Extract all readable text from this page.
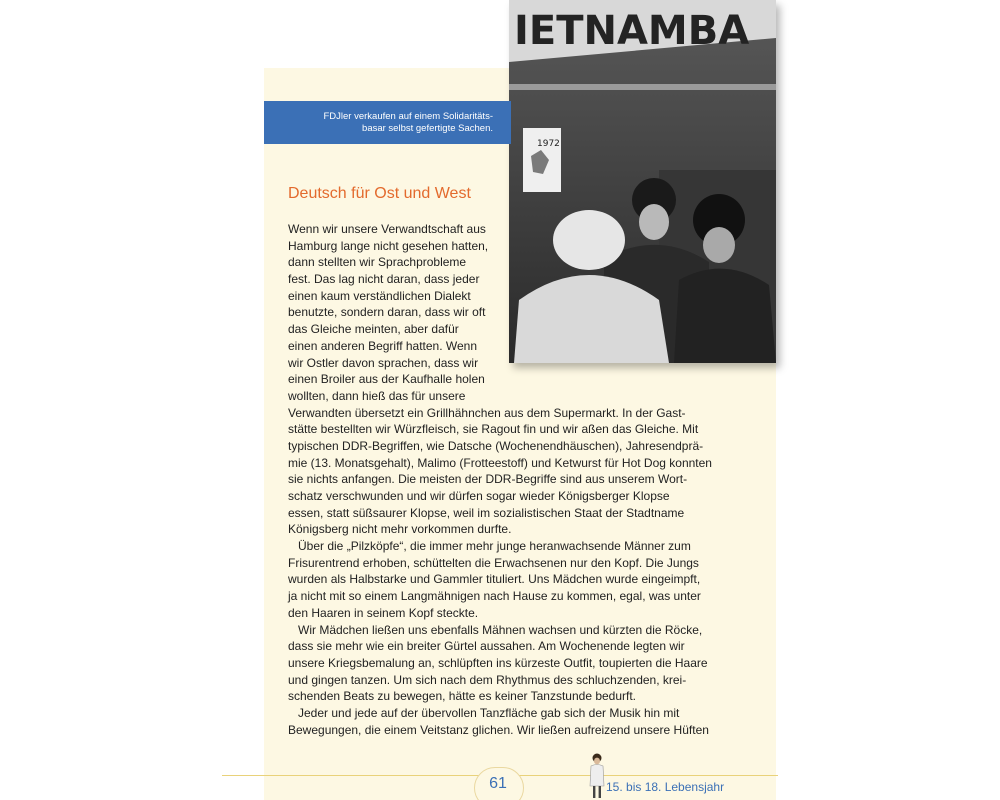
IETNAMBA
1972
FDJler verkaufen auf einem Solidaritäts-
basar selbst gefertigte Sachen.
Deutsch für Ost und West
Wenn wir unsere Verwandtschaft aus
Hamburg lange nicht gesehen hatten,
dann stellten wir Sprachprobleme
fest. Das lag nicht daran, dass jeder
einen kaum verständlichen Dialekt
benutzte, sondern daran, dass wir oft
das Gleiche meinten, aber dafür
einen anderen Begriff hatten. Wenn
wir Ostler davon sprachen, dass wir
einen Broiler aus der Kaufhalle holen
wollten, dann hieß das für unsere
Verwandten übersetzt ein Grillhähnchen aus dem Supermarkt. In der Gast-
stätte bestellten wir Würzfleisch, sie Ragout fin und wir aßen das Gleiche. Mit
typischen DDR-Begriffen, wie Datsche (Wochenendhäuschen), Jahresendprä-
mie (13. Monatsgehalt), Malimo (Frotteestoff) und Ketwurst für Hot Dog konnten
sie nichts anfangen. Die meisten der DDR-Begriffe sind aus unserem Wort-
schatz verschwunden und wir dürfen sogar wieder Königsberger Klopse
essen, statt süßsaurer Klopse, weil im sozialistischen Staat der Stadtname
Königsberg nicht mehr vorkommen durfte.
Über die „Pilzköpfe“, die immer mehr junge heranwachsende Männer zum
Frisurentrend erhoben, schüttelten die Erwachsenen nur den Kopf. Die Jungs
wurden als Halbstarke und Gammler tituliert. Uns Mädchen wurde eingeimpft,
ja nicht mit so einem Langmähnigen nach Hause zu kommen, egal, was unter
den Haaren in seinem Kopf steckte.
Wir Mädchen ließen uns ebenfalls Mähnen wachsen und kürzten die Röcke,
dass sie mehr wie ein breiter Gürtel aussahen. Am Wochenende legten wir
unsere Kriegsbemalung an, schlüpften ins kürzeste Outfit, toupierten die Haare
und gingen tanzen. Um sich nach dem Rhythmus des schluchzenden, krei-
schenden Beats zu bewegen, hätte es keiner Tanzstunde bedurft.
Jeder und jede auf der übervollen Tanzfläche gab sich der Musik hin mit
Bewegungen, die einem Veitstanz glichen. Wir ließen aufreizend unsere Hüften
61	15. bis 18. Lebensjahr
